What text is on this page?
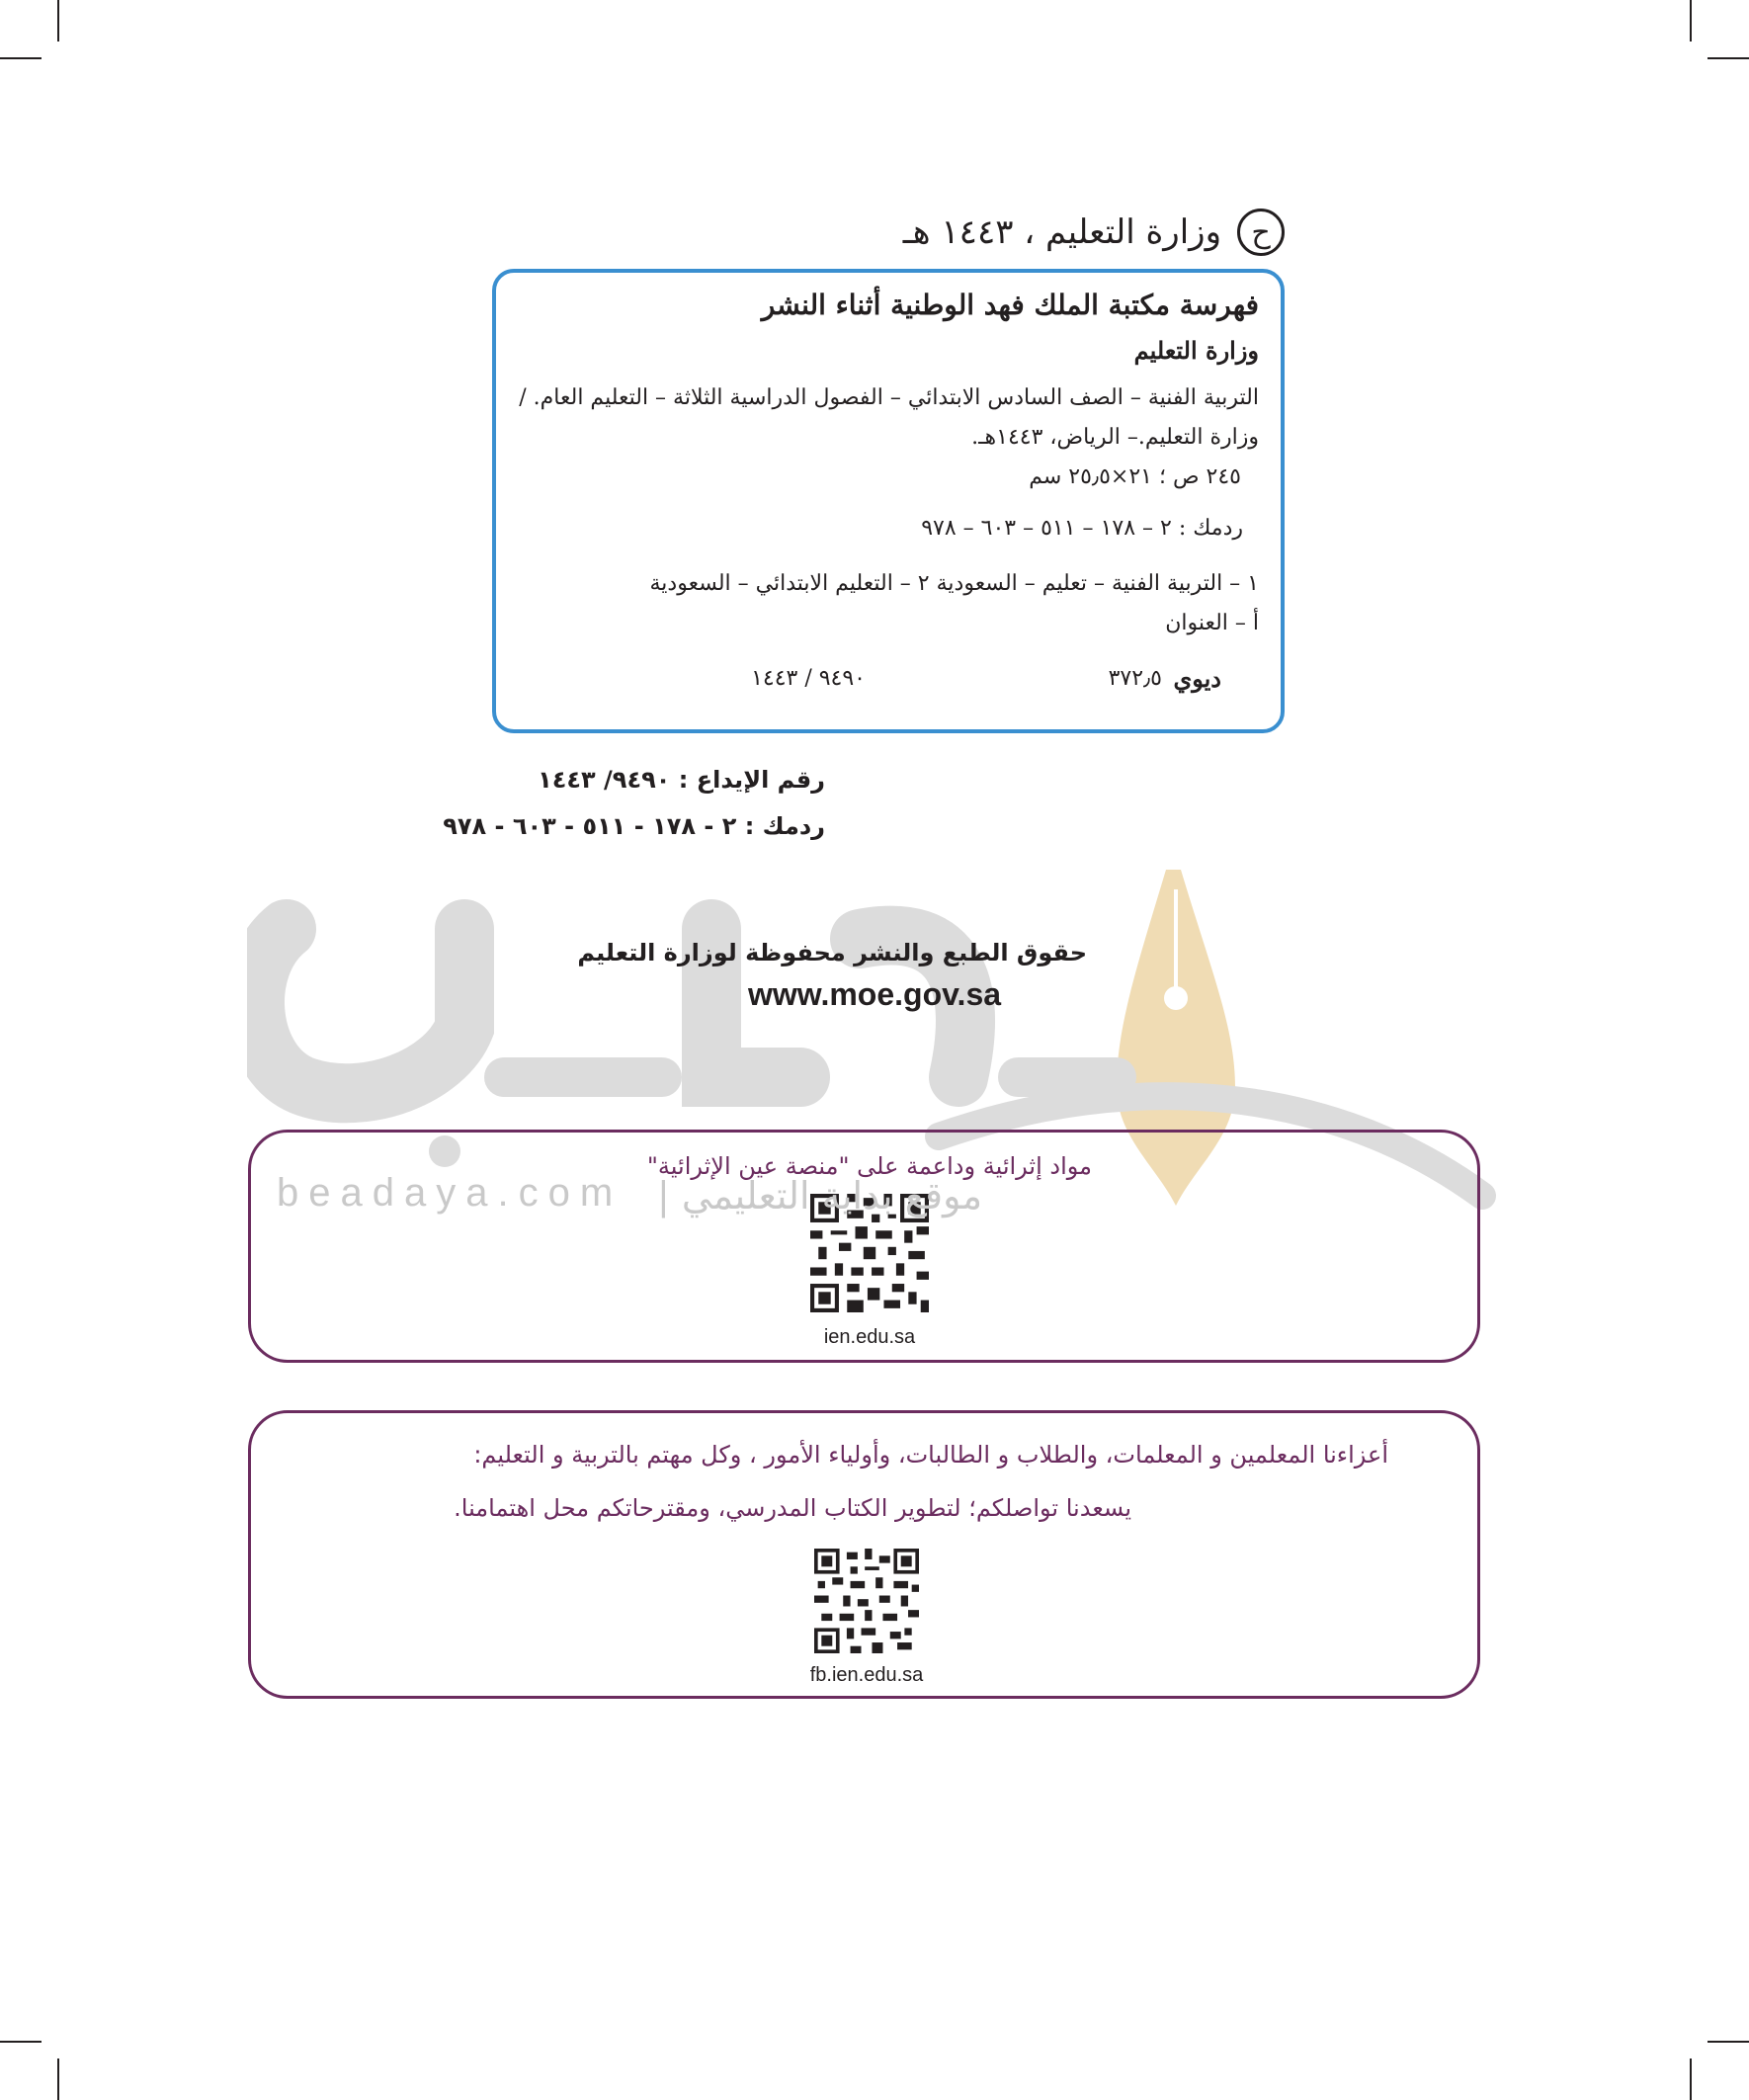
ح
وزارة التعليم ، ١٤٤٣ هـ
فهرسة مكتبة الملك فهد الوطنية أثناء النشر
وزارة التعليم
التربية الفنية – الصف السادس الابتدائي – الفصول الدراسية الثلاثة – التعليم العام. /
وزارة التعليم.– الرياض، ١٤٤٣هـ.
٢٤٥ ص ؛ ٢١×٢٥٫٥ سم
ردمك : ٢ – ١٧٨ – ٥١١ – ٦٠٣ – ٩٧٨
١ – التربية الفنية – تعليم – السعودية ٢ – التعليم الابتدائي – السعودية
أ – العنوان
ديوي
٣٧٢٫٥
٩٤٩٠ / ١٤٤٣
رقم الإيداع : ٩٤٩٠/ ١٤٤٣
ردمك : ٢ - ١٧٨ - ٥١١ - ٦٠٣ - ٩٧٨
حقوق الطبع والنشر محفوظة لوزارة التعليم
www.moe.gov.sa
مواد إثرائية وداعمة على "منصة عين الإثرائية"
ien.edu.sa
beadaya.com موقع بداية التعليمي |
أعزاءنا المعلمين و المعلمات، والطلاب و الطالبات، وأولياء الأمور ، وكل مهتم بالتربية و التعليم:
يسعدنا تواصلكم؛ لتطوير الكتاب المدرسي، ومقترحاتكم محل اهتمامنا.
fb.ien.edu.sa
